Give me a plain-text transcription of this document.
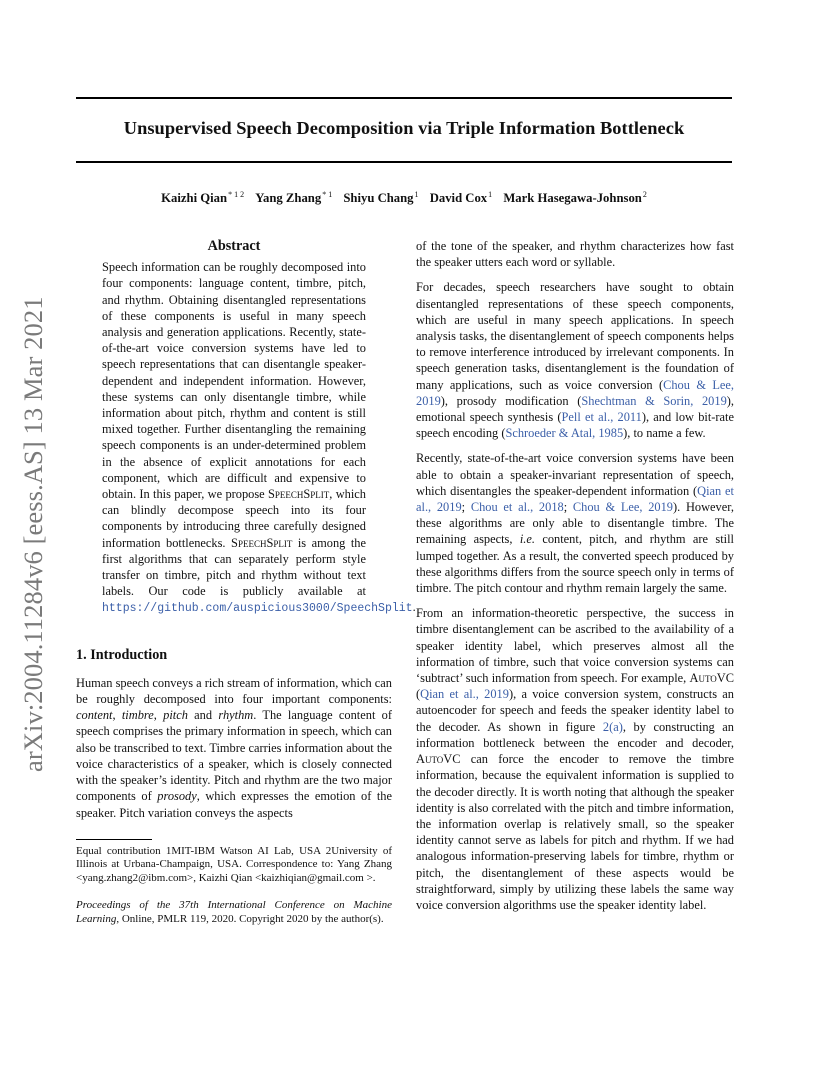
Unsupervised Speech Decomposition via Triple Information Bottleneck
Kaizhi Qian$^{* 1 2}$ Yang Zhang$^{* 1}$ Shiyu Chang$^1$ David Cox$^1$ Mark Hasegawa-Johnson$^2$
arXiv:2004.11284v6 [eess.AS] 13 Mar 2021
Abstract
Speech information can be roughly decomposed into four components: language content, timbre, pitch, and rhythm. Obtaining disentangled representations of these components is useful in many speech analysis and generation applications. Recently, state-of-the-art voice conversion systems have led to speech representations that can disentangle speaker-dependent and independent information. However, these systems can only disentangle timbre, while information about pitch, rhythm and content is still mixed together. Further disentangling the remaining speech components is an under-determined problem in the absence of explicit annotations for each component, which are difficult and expensive to obtain. In this paper, we propose SpeechSplit, which can blindly decompose speech into its four components by introducing three carefully designed information bottlenecks. SpeechSplit is among the first algorithms that can separately perform style transfer on timbre, pitch and rhythm without text labels. Our code is publicly available at https://github.com/auspicious3000/SpeechSplit.
1. Introduction

Human speech conveys a rich stream of information, which can be roughly decomposed into four important components: content, timbre, pitch and rhythm. The language content of speech comprises the primary information in speech, which can also be transcribed to text. Timbre carries information about the voice characteristics of a speaker, which is closely connected with the speaker’s identity. Pitch and rhythm are the two major components of prosody, which expresses the emotion of the speaker. Pitch variation conveys the aspects

Equal contribution 1MIT-IBM Watson AI Lab, USA 2University of Illinois at Urbana-Champaign, USA. Correspondence to: Yang Zhang <yang.zhang2@ibm.com>, Kaizhi Qian <kaizhiqian@gmail.com >.
Proceedings of the 37th International Conference on Machine Learning, Online, PMLR 119, 2020. Copyright 2020 by the author(s).

of the tone of the speaker, and rhythm characterizes how fast the speaker utters each word or syllable.

For decades, speech researchers have sought to obtain disentangled representations of these speech components, which are useful in many speech applications. In speech analysis tasks, the disentanglement of speech components helps to remove interference introduced by irrelevant components. In speech generation tasks, disentanglement is the foundation of many applications, such as voice conversion (Chou & Lee, 2019), prosody modification (Shechtman & Sorin, 2019), emotional speech synthesis (Pell et al., 2011), and low bit-rate speech encoding (Schroeder & Atal, 1985), to name a few.

Recently, state-of-the-art voice conversion systems have been able to obtain a speaker-invariant representation of speech, which disentangles the speaker-dependent information (Qian et al., 2019; Chou et al., 2018; Chou & Lee, 2019). However, these algorithms are only able to disentangle timbre. The remaining aspects, i.e. content, pitch, and rhythm are still lumped together. As a result, the converted speech produced by these algorithms differs from the source speech only in terms of timbre. The pitch contour and rhythm remain largely the same.

From an information-theoretic perspective, the success in timbre disentanglement can be ascribed to the availability of a speaker identity label, which preserves almost all the information of timbre, such that voice conversion systems can ‘subtract’ such information from speech. For example, AutoVC (Qian et al., 2019), a voice conversion system, constructs an autoencoder for speech and feeds the speaker identity label to the decoder. As shown in figure 2(a), by constructing an information bottleneck between the encoder and decoder, AutoVC can force the encoder to remove the timbre information, because the equivalent information is supplied to the decoder directly. It is worth noting that although the speaker identity is also correlated with the pitch and timbre information, the information overlap is relatively small, so the speaker identity cannot serve as labels for pitch and rhythm. If we had analogous information-preserving labels for timbre, rhythm or pitch, the disentanglement of these aspects would be straightforward, simply by utilizing these labels the same way voice conversion algorithms use the speaker identity label.
